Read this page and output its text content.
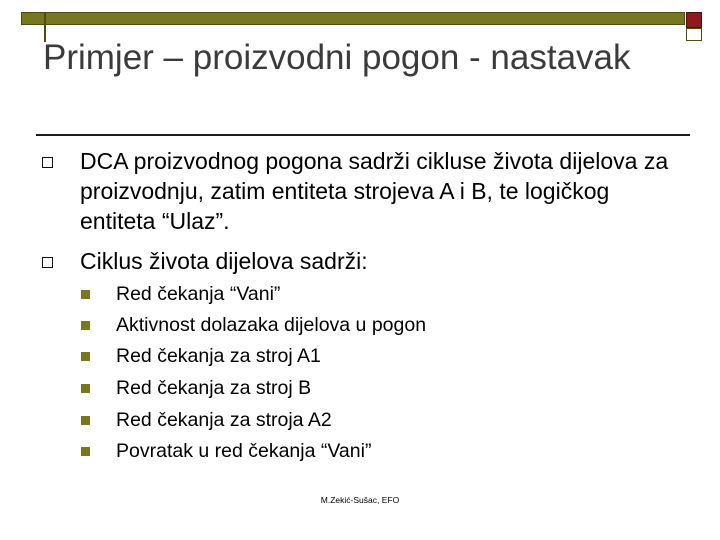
Primjer – proizvodni pogon - nastavak
DCA proizvodnog pogona sadrži cikluse života dijelova za proizvodnju, zatim entiteta strojeva A i B, te logičkog entiteta “Ulaz”.
Ciklus života dijelova sadrži:
Red čekanja “Vani”
Aktivnost dolazaka dijelova u pogon
Red čekanja za stroj A1
Red čekanja za stroj B
Red čekanja za stroja A2
Povratak u red čekanja “Vani”
M.Zekić-Sušac, EFO
